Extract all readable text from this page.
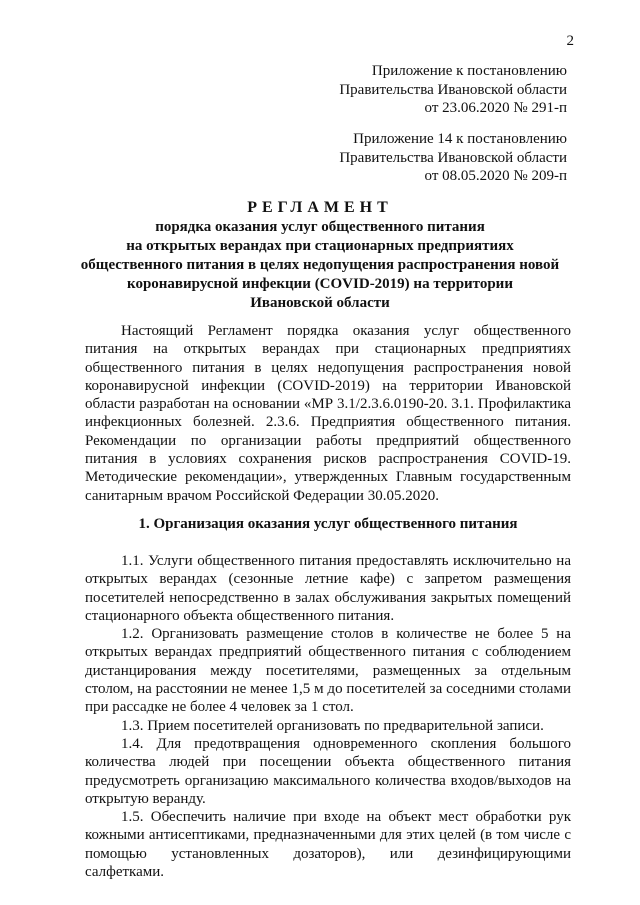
2
Приложение к постановлению
Правительства Ивановской области
от 23.06.2020 № 291-п
Приложение 14 к постановлению
Правительства Ивановской области
от 08.05.2020 № 209-п
РЕГЛАМЕНТ
порядка оказания услуг общественного питания
на открытых верандах при стационарных предприятиях
общественного питания в целях недопущения распространения новой
коронавирусной инфекции (COVID-2019) на территории
Ивановской области

Настоящий Регламент порядка оказания услуг общественного питания на открытых верандах при стационарных предприятиях общественного питания в целях недопущения распространения новой коронавирусной инфекции (COVID-2019) на территории Ивановской области разработан на основании «МР 3.1/2.3.6.0190-20. 3.1. Профилактика инфекционных болезней. 2.3.6. Предприятия общественного питания. Рекомендации по организации работы предприятий общественного питания в условиях сохранения рисков распространения COVID-19. Методические рекомендации», утвержденных Главным государственным санитарным врачом Российской Федерации 30.05.2020.

1. Организация оказания услуг общественного питания

1.1. Услуги общественного питания предоставлять исключительно на открытых верандах (сезонные летние кафе) с запретом размещения посетителей непосредственно в залах обслуживания закрытых помещений стационарного объекта общественного питания.

1.2. Организовать размещение столов в количестве не более 5 на открытых верандах предприятий общественного питания с соблюдением дистанцирования между посетителями, размещенных за отдельным столом, на расстоянии не менее 1,5 м до посетителей за соседними столами при рассадке не более 4 человек за 1 стол.

1.3. Прием посетителей организовать по предварительной записи.

1.4. Для предотвращения одновременного скопления большого количества людей при посещении объекта общественного питания предусмотреть организацию максимального количества входов/выходов на открытую веранду.

1.5. Обеспечить наличие при входе на объект мест обработки рук кожными антисептиками, предназначенными для этих целей (в том числе с помощью установленных дозаторов), или дезинфицирующими салфетками.
